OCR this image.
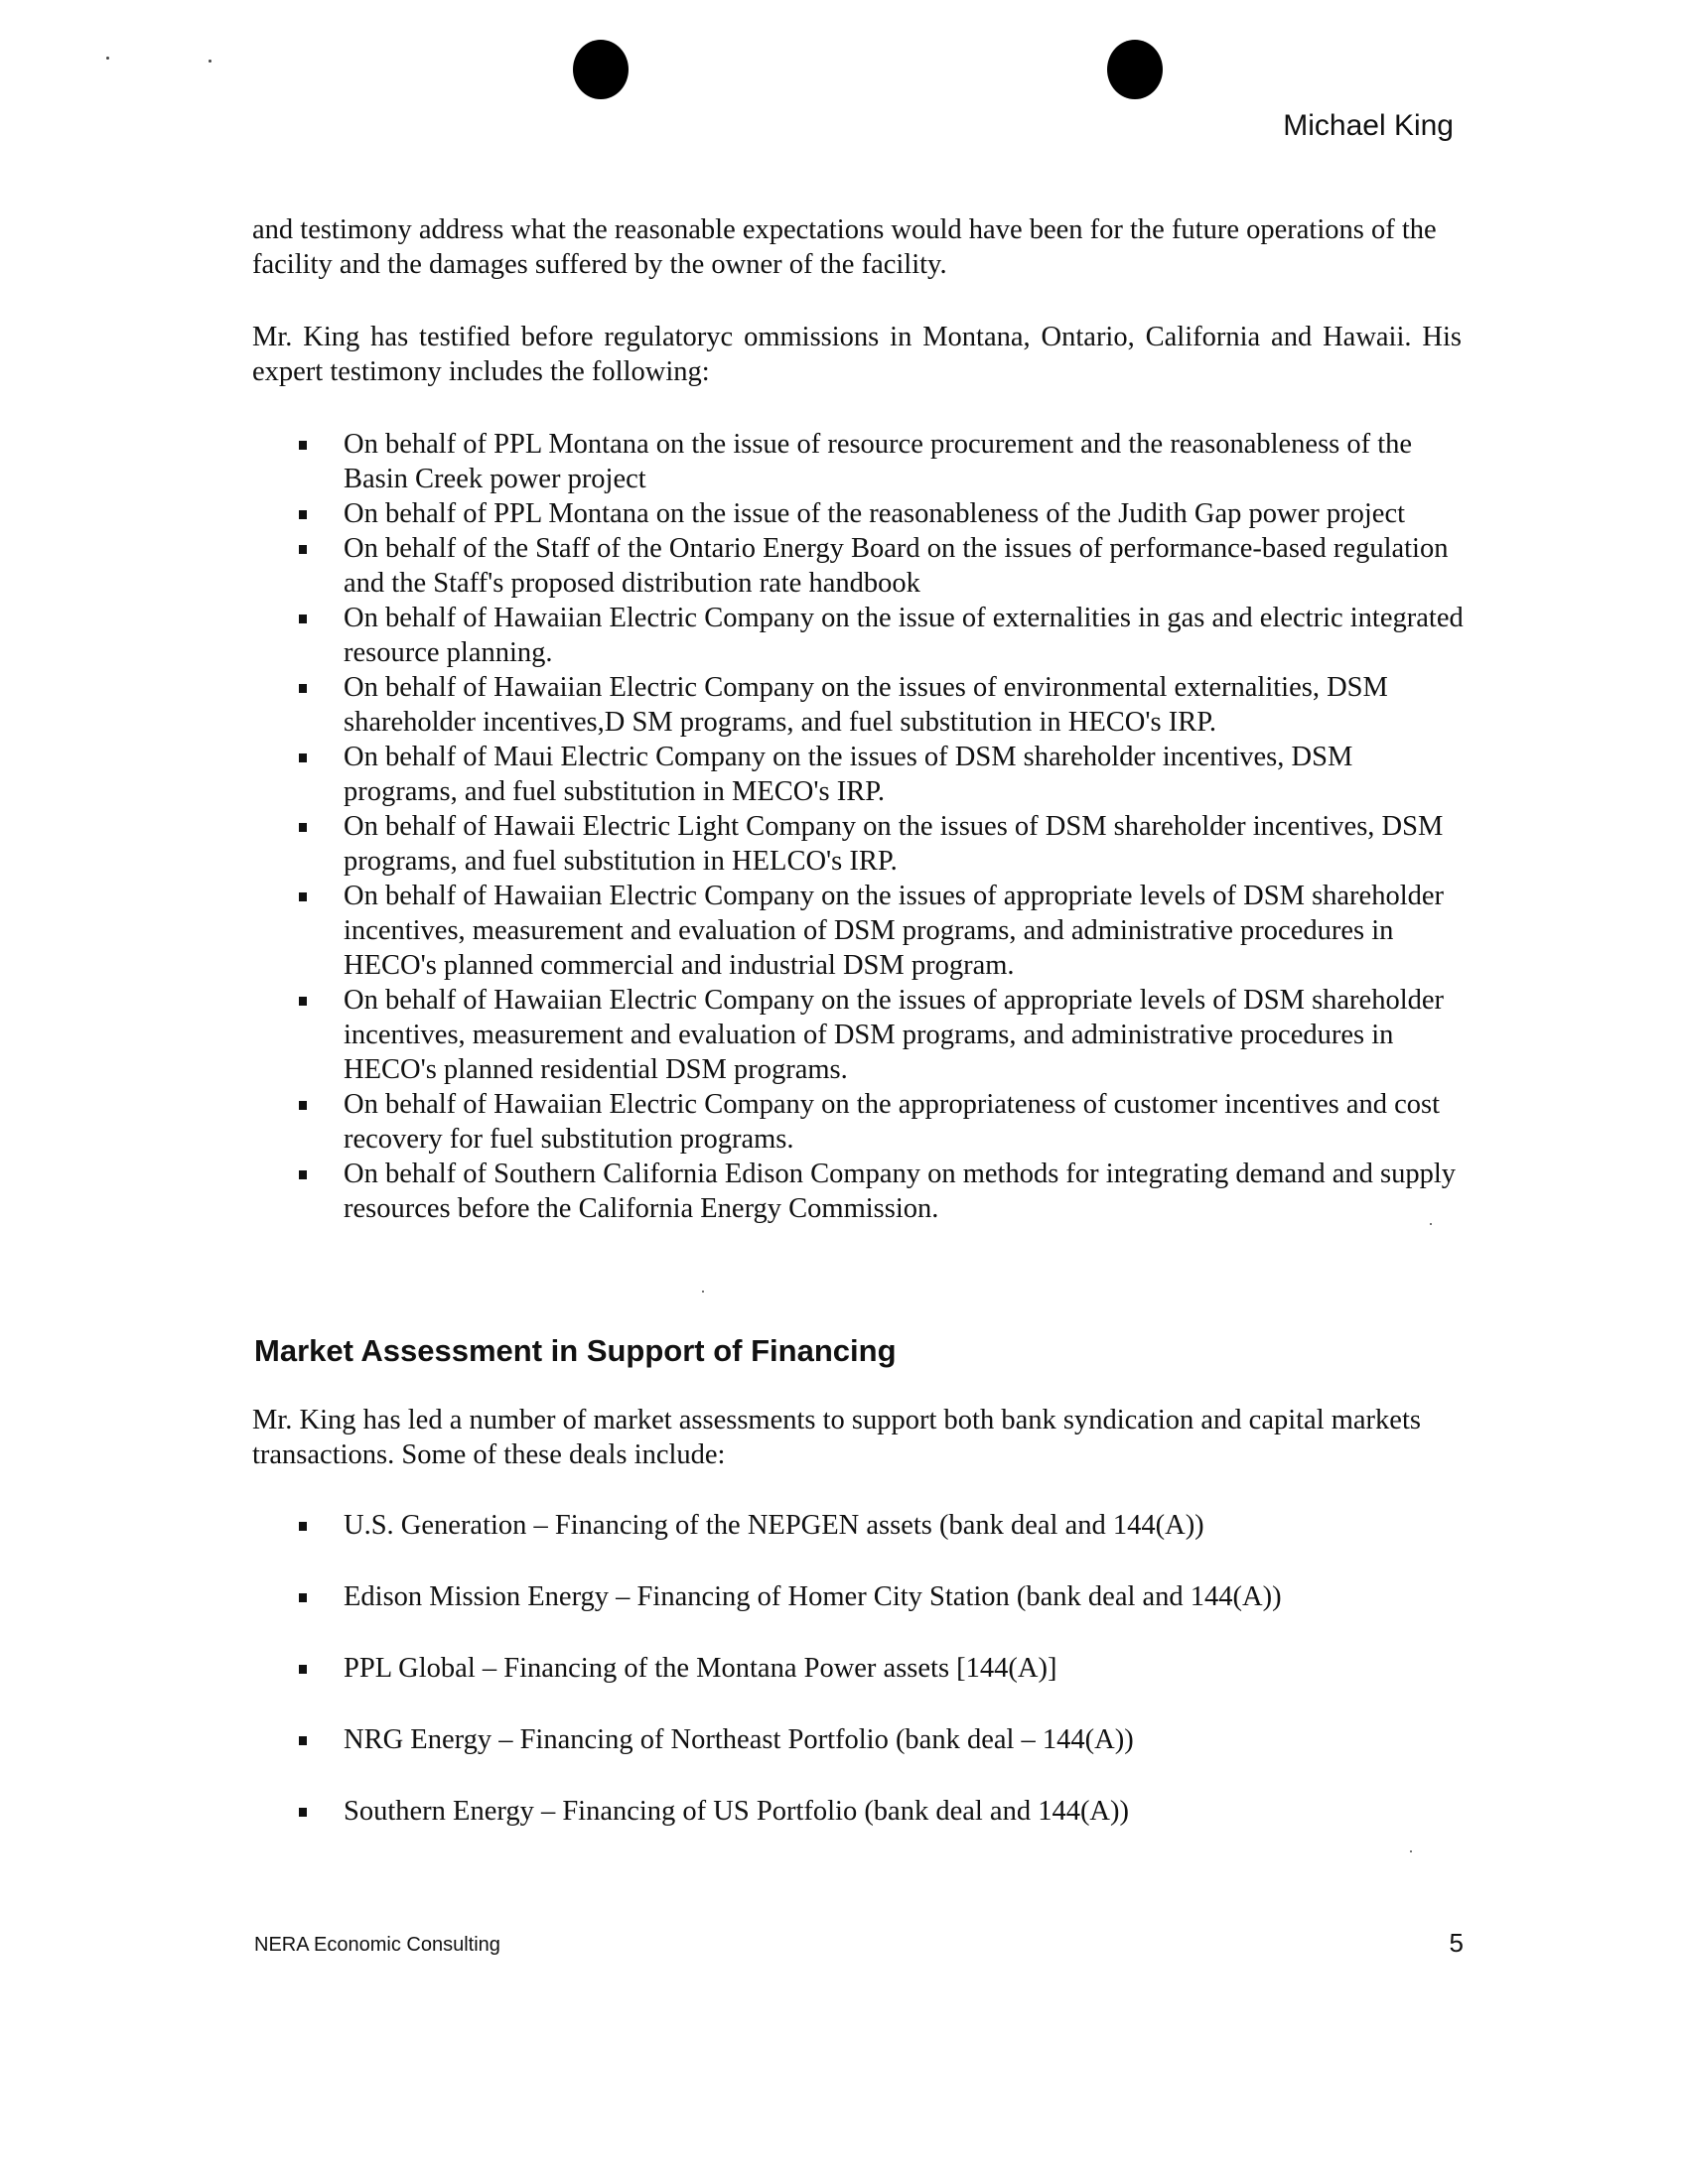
Michael King

and testimony address what the reasonable expectations would have been for the future operations of the facility and the damages suffered by the owner of the facility.

Mr. King has testified before regulatoryc ommissions in Montana, Ontario, California and Hawaii. His expert testimony includes the following:

On behalf of PPL Montana on the issue of resource procurement and the reasonableness of the Basin Creek power project
On behalf of PPL Montana on the issue of the reasonableness of the Judith Gap power project
On behalf of the Staff of the Ontario Energy Board on the issues of performance-based regulation and the Staff's proposed distribution rate handbook
On behalf of Hawaiian Electric Company on the issue of externalities in gas and electric integrated resource planning.
On behalf of Hawaiian Electric Company on the issues of environmental externalities, DSM shareholder incentives,D SM programs, and fuel substitution in HECO's IRP.
On behalf of Maui Electric Company on the issues of DSM shareholder incentives, DSM programs, and fuel substitution in MECO's IRP.
On behalf of Hawaii Electric Light Company on the issues of DSM shareholder incentives, DSM programs, and fuel substitution in HELCO's IRP.
On behalf of Hawaiian Electric Company on the issues of appropriate levels of DSM shareholder incentives, measurement and evaluation of DSM programs, and administrative procedures in HECO's planned commercial and industrial DSM program.
On behalf of Hawaiian Electric Company on the issues of appropriate levels of DSM shareholder incentives, measurement and evaluation of DSM programs, and administrative procedures in HECO's planned residential DSM programs.
On behalf of Hawaiian Electric Company on the appropriateness of customer incentives and cost recovery for fuel substitution programs.
On behalf of Southern California Edison Company on methods for integrating demand and supply resources before the California Energy Commission.
Market Assessment in Support of Financing

Mr. King has led a number of market assessments to support both bank syndication and capital markets transactions. Some of these deals include:

U.S. Generation – Financing of the NEPGEN assets (bank deal and 144(A))
Edison Mission Energy – Financing of Homer City Station (bank deal and 144(A))
PPL Global – Financing of the Montana Power assets [144(A)]
NRG Energy – Financing of Northeast Portfolio (bank deal – 144(A))
Southern Energy – Financing of US Portfolio (bank deal and 144(A))
NERA Economic Consulting	5
